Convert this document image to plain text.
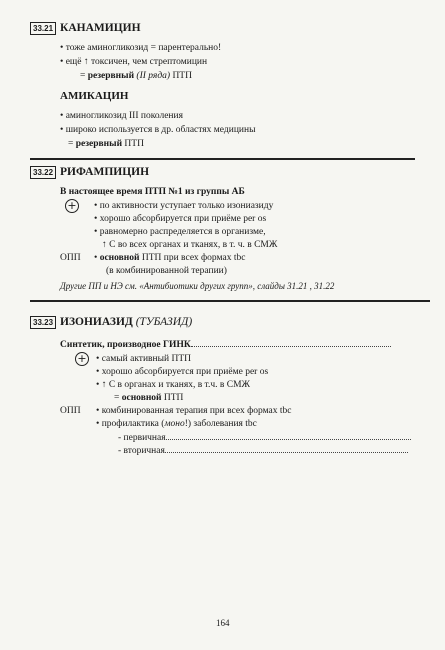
33.21 КАНАМИЦИН
• тоже аминогликозид = парентерально!
• ещё ↑ токсичен, чем стрептомицин
= резервный (II ряда) ПТП
АМИКАЦИН
• аминогликозид III поколения
• широко используется в др. областях медицины
= резервный ПТП
33.22 РИФАМПИЦИН
В настоящее время ПТП №1 из группы АБ
+ • по активности уступает только изониазиду
• хорошо абсорбируется при приёме per os
• равномерно распределяется в организме,
↑ С во всех органах и тканях, в т. ч. в СМЖ
ОПП • основной ПТП при всех формах tbc
(в комбинированной терапии)
Другие ПП и НЭ см. «Антибиотики других групп», слайды 31.21 , 31.22
33.23 ИЗОНИАЗИД (ТУБАЗИД)
Синтетик, производное ГИНК
+ • самый активный ПТП
• хорошо абсорбируется при приёме per os
• ↑ С в органах и тканях, в т.ч. в СМЖ
= основной ПТП
ОПП • комбинированная терапия при всех формах tbc
• профилактика (моно!) заболевания tbc
- первичная
- вторичная
164
